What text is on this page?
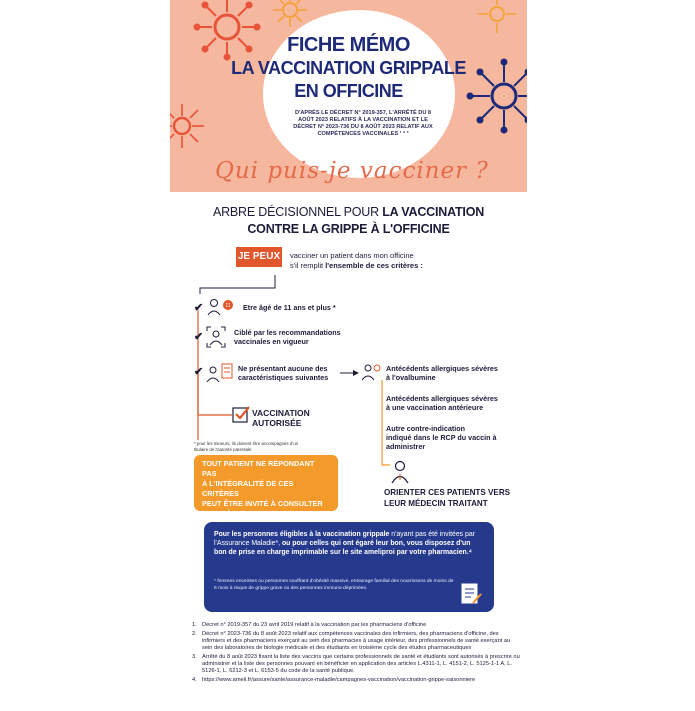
FICHE MÉMO
LA VACCINATION GRIPPALE
EN OFFICINE
D'APRÈS LE DÉCRET N° 2019-357, L'ARRÊTÉ DU 8 AOÛT 2023 RELATIFS À LA VACCINATION ET LE DÉCRET N° 2023-736 DU 8 AOÛT 2023 RELATIF AUX COMPÉTENCES VACCINALES ¹ ² ³
Qui puis-je vacciner ?
ARBRE DÉCISIONNEL POUR LA VACCINATION
CONTRE LA GRIPPE À L'OFFICINE
JE PEUX vacciner un patient dans mon officine
s'il remplit l'ensemble de ces critères :
✔	11 Etre âgé de 11 ans et plus *
✔	Ciblé par les recommandations
vaccinales en vigueur
✔	Ne présentant aucune des
caractéristiques suivantes
Antécédents allergiques sévères
à l'ovalbumine
Antécédents allergiques sévères
à une vaccination antérieure
Autre contre-indication
indiqué dans le RCP du vaccin à
administrer
VACCINATION
AUTORISÉE
* pour les mineurs, ils doivent être accompagnés d'un titulaire de l'autorité parentale
TOUT PATIENT NE RÉPONDANT PAS
À L'INTÉGRALITÉ DE CES CRITÈRES
PEUT ÊTRE INVITÉ À CONSULTER
SON MÉDECIN TRAITANT
ORIENTER CES PATIENTS VERS
LEUR MÉDECIN TRAITANT
Pour les personnes éligibles à la vaccination grippale n'ayant pas été invitées par l'Assurance Maladie*, ou pour celles qui ont égaré leur bon, vous disposez d'un bon de prise en charge imprimable sur le site ameliproi par votre pharmacien.⁴
* femmes enceintes ou personnes souffrant d'obésité massive, entourage familial des nourrissons de moins de 6 mois à risque de grippe grave ou des personnes immuno-déprimées.
1. Décret n° 2019-357 du 23 avril 2019 relatif à la vaccination par les pharmaciens d'officine
2. Décret n° 2023-736 du 8 août 2023 relatif aux compétences vaccinales des infirmiers, des pharmaciens d'officine, des infirmiers et des pharmaciens exerçant au sein des pharmacies à usage intérieur, des professionnels de santé exerçant au sein des laboratoires de biologie médicale et des étudiants en troisième cycle des études pharmaceutiques
3. Arrêté du 8 août 2023 fixant la liste des vaccins que certains professionnels de santé et étudiants sont autorisés à prescrire ou administrer et la liste des personnes pouvant en bénéficier en application des articles L.4311-1, L. 4151-2, L. 5125-1-1 A, L. 5126-1, L. 6212-3 et L. 6153-5 du code de la santé publique.
4. https://www.ameli.fr/assure/sante/assurance-maladie/campagnes-vaccination/vaccination-grippe-saisonniere
